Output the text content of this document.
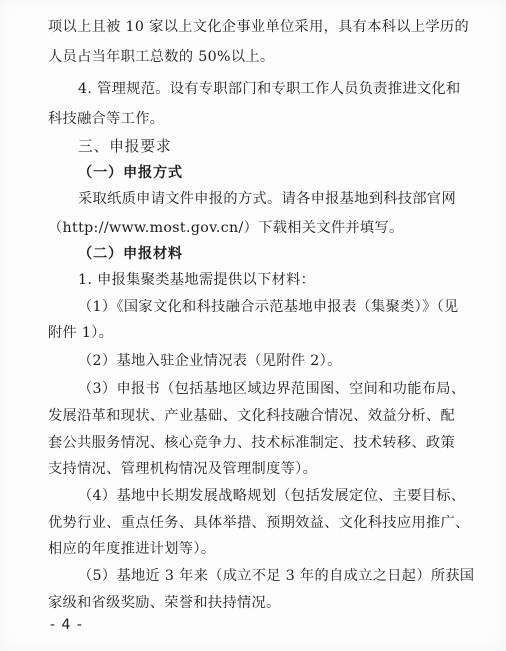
项以上且被 10 家以上文化企事业单位采用，具有本科以上学历的
人员占当年职工总数的 50%以上。
4. 管理规范。设有专职部门和专职工作人员负责推进文化和
科技融合等工作。
三、申报要求
（一）申报方式
采取纸质申请文件申报的方式。请各申报基地到科技部官网
（http://www.most.gov.cn/）下载相关文件并填写。
（二）申报材料
1. 申报集聚类基地需提供以下材料：
（1）《国家文化和科技融合示范基地申报表（集聚类）》（见
附件 1）。
（2）基地入驻企业情况表（见附件 2）。
（3）申报书（包括基地区域边界范围图、空间和功能布局、
发展沿革和现状、产业基础、文化科技融合情况、效益分析、配
套公共服务情况、核心竞争力、技术标准制定、技术转移、政策
支持情况、管理机构情况及管理制度等）。
（4）基地中长期发展战略规划（包括发展定位、主要目标、
优势行业、重点任务、具体举措、预期效益、文化科技应用推广、
相应的年度推进计划等）。
（5）基地近 3 年来（成立不足 3 年的自成立之日起）所获国
家级和省级奖励、荣誉和扶持情况。
- 4 -
